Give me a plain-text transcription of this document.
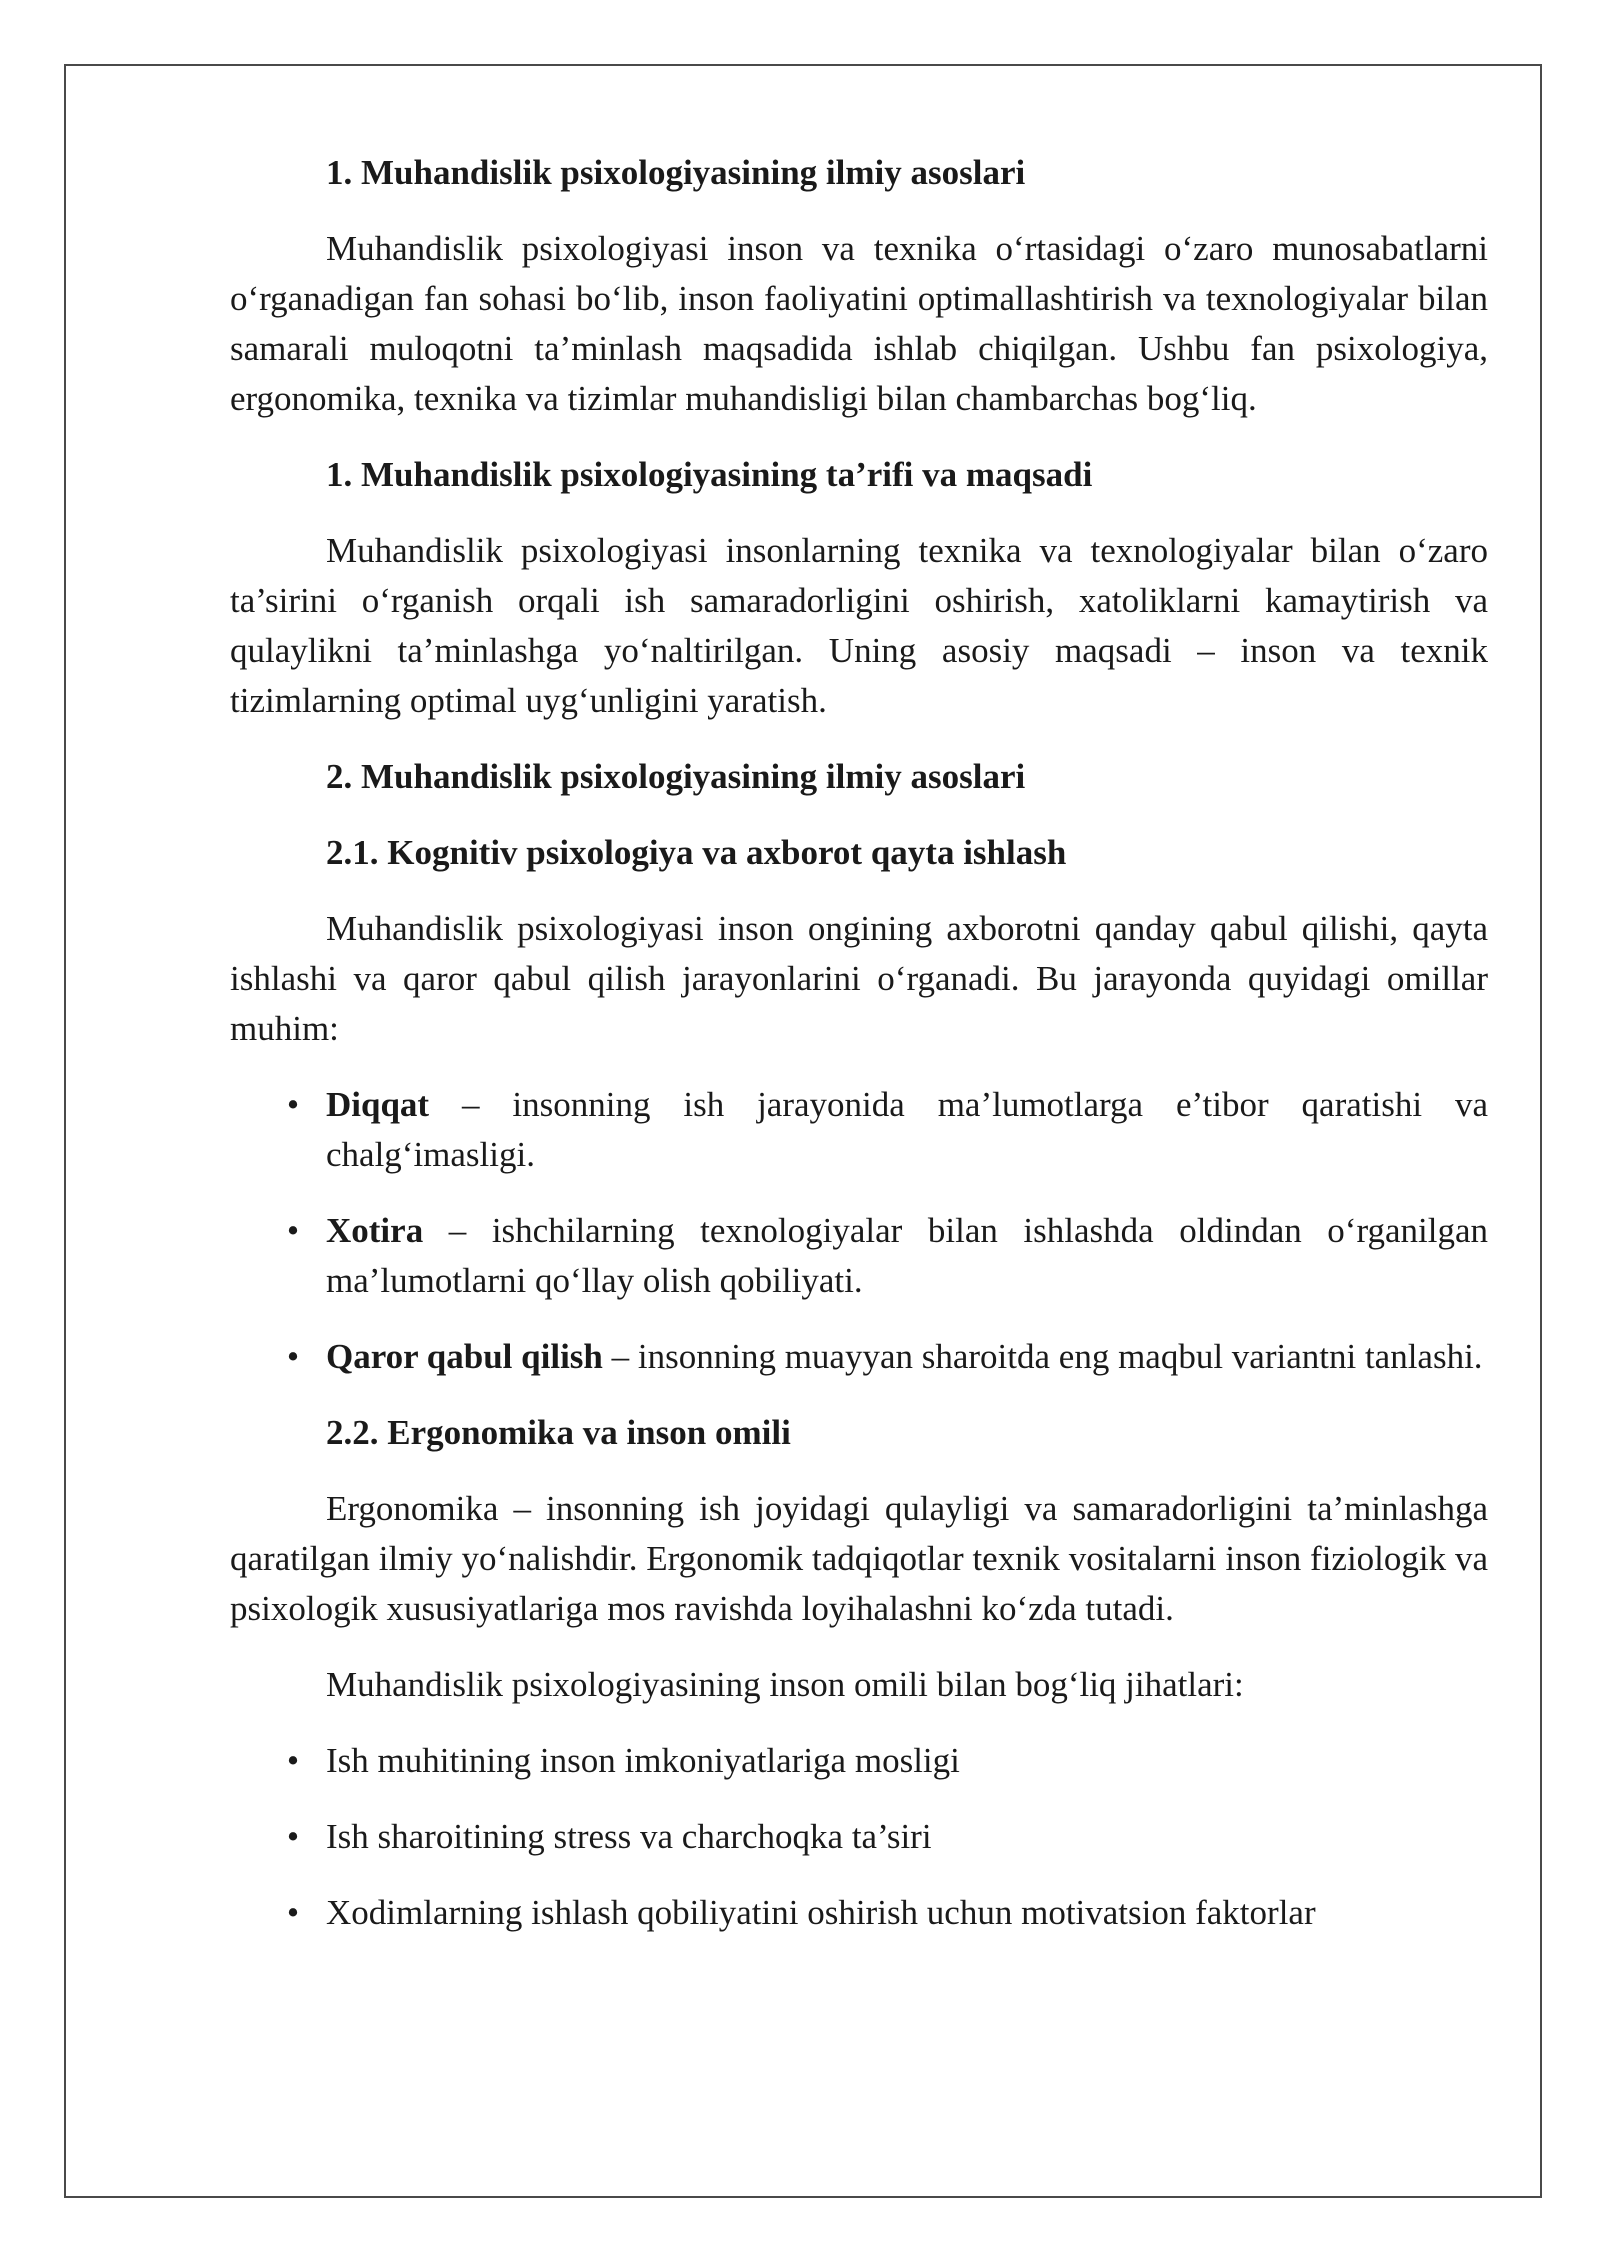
1. Muhandislik psixologiyasining ilmiy asoslari

Muhandislik psixologiyasi inson va texnika o‘rtasidagi o‘zaro munosabatlarni o‘rganadigan fan sohasi bo‘lib, inson faoliyatini optimallashtirish va texnologiyalar bilan samarali muloqotni ta’minlash maqsadida ishlab chiqilgan. Ushbu fan psixologiya, ergonomika, texnika va tizimlar muhandisligi bilan chambarchas bog‘liq.

1. Muhandislik psixologiyasining ta’rifi va maqsadi

Muhandislik psixologiyasi insonlarning texnika va texnologiyalar bilan o‘zaro ta’sirini o‘rganish orqali ish samaradorligini oshirish, xatoliklarni kamaytirish va qulaylikni ta’minlashga yo‘naltirilgan. Uning asosiy maqsadi – inson va texnik tizimlarning optimal uyg‘unligini yaratish.

2. Muhandislik psixologiyasining ilmiy asoslari

2.1. Kognitiv psixologiya va axborot qayta ishlash

Muhandislik psixologiyasi inson ongining axborotni qanday qabul qilishi, qayta ishlashi va qaror qabul qilish jarayonlarini o‘rganadi. Bu jarayonda quyidagi omillar muhim:

• Diqqat – insonning ish jarayonida ma’lumotlarga e’tibor qaratishi va chalg‘imasligi.
• Xotira – ishchilarning texnologiyalar bilan ishlashda oldindan o‘rganilgan ma’lumotlarni qo‘llay olish qobiliyati.
• Qaror qabul qilish – insonning muayyan sharoitda eng maqbul variantni tanlashi.

2.2. Ergonomika va inson omili

Ergonomika – insonning ish joyidagi qulayligi va samaradorligini ta’minlashga qaratilgan ilmiy yo‘nalishdir. Ergonomik tadqiqotlar texnik vositalarni inson fiziologik va psixologik xususiyatlariga mos ravishda loyihalashni ko‘zda tutadi.

Muhandislik psixologiyasining inson omili bilan bog‘liq jihatlari:

• Ish muhitining inson imkoniyatlariga mosligi
• Ish sharoitining stress va charchoqka ta’siri
• Xodimlarning ishlash qobiliyatini oshirish uchun motivatsion faktorlar
